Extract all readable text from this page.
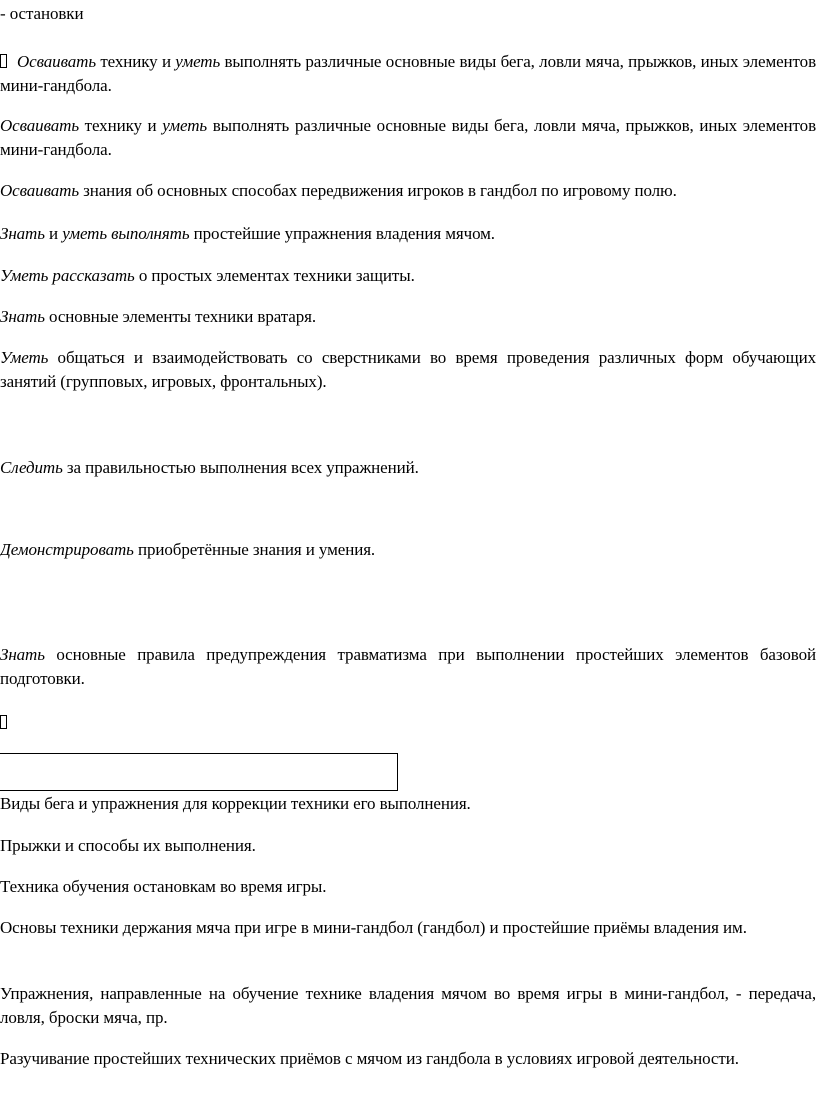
- остановки

Осваивать технику и уметь выполнять различные основные виды бега, ловли мяча, прыжков, иных элементов мини-гандбола.

Осваивать технику и уметь выполнять различные основные виды бега, ловли мяча, прыжков, иных элементов мини-гандбола.

Осваивать знания об основных способах передвижения игроков в гандбол по игровому полю.

Знать и уметь выполнять простейшие упражнения владения мячом.

Уметь рассказать о простых элементах техники защиты.

Знать основные элементы техники вратаря.

Уметь общаться и взаимодействовать со сверстниками во время проведения различных форм обучающих занятий (групповых, игровых, фронтальных).

Следить за правильностью выполнения всех упражнений.

Демонстрировать приобретённые знания и умения.

Знать основные правила предупреждения травматизма при выполнении простейших элементов базовой подготовки.

Виды бега и упражнения для коррекции техники его выполнения.

Прыжки и способы их выполнения.

Техника обучения остановкам во время игры.

Основы техники держания мяча при игре в мини-гандбол (гандбол) и простейшие приёмы владения им.

Упражнения, направленные на обучение технике владения мячом во время игры в мини-гандбол, - передача, ловля, броски мяча, пр.

Разучивание простейших технических приёмов с мячом из гандбола в условиях игровой деятельности.
